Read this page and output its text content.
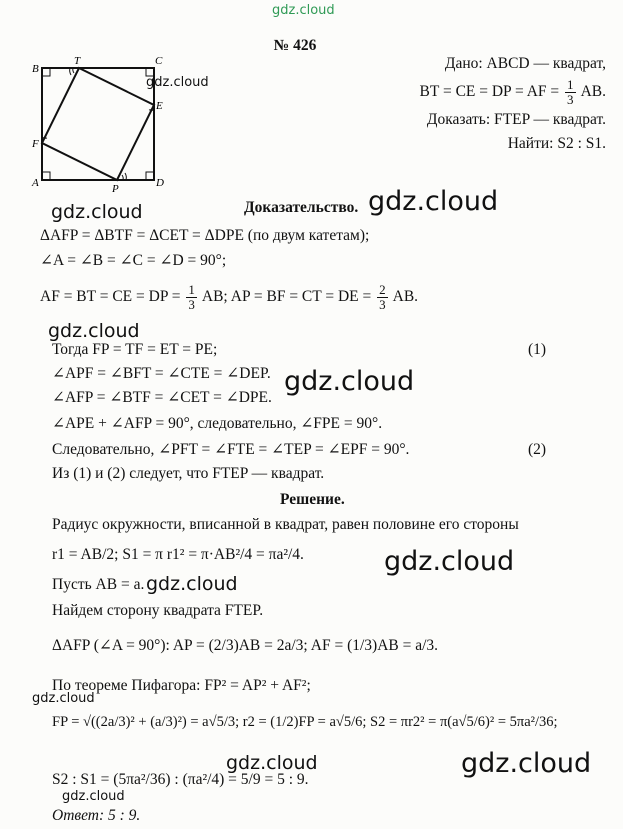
gdz.cloud
gdz.cloud
gdz.cloud	gdz.cloud
gdz.cloud
gdz.cloud
gdz.cloud
gdz.cloud
gdz.cloud
gdz.cloud	gdz.cloud
gdz.cloud
№ 426
B
T	C
E
F
A	P	D
Дано: ABCD — квадрат,
BT = CE = DP = AF = $\frac{1}{3}$ AB.
Доказать: FTEP — квадрат.
Найти: S2 : S1.
Доказательство.
ΔAFP = ΔBTF = ΔCET = ΔDPE (по двум катетам);
∠A = ∠B = ∠C = ∠D = 90°;
AF = BT = CE = DP = $\frac{1}{3}$ AB; AP = BF = CT = DE = $\frac{2}{3}$ AB.
Тогда FP = TF = ET = PE;	(1)
∠APF = ∠BFT = ∠CTE = ∠DEP.
∠AFP = ∠BTF = ∠CET = ∠DPE.
∠APE + ∠AFP = 90°, следовательно, ∠FPE = 90°.
Следовательно, ∠PFT = ∠FTE = ∠TEP = ∠EPF = 90°.	(2)
Из (1) и (2) следует, что FTEP — квадрат.
Решение.
Радиус окружности, вписанной в квадрат, равен половине его стороны
r1 = AB/2; S1 = π r1² = π·AB²/4 = πa²/4.
Пусть AB = a.
Найдем сторону квадрата FTEP.
ΔAFP (∠A = 90°): AP = (2/3)AB = 2a/3; AF = (1/3)AB = a/3.
По теореме Пифагора: FP² = AP² + AF²;
FP = √((2a/3)² + (a/3)²) = a√5/3; r2 = (1/2)FP = a√5/6; S2 = πr2² = π(a√5/6)² = 5πa²/36;
S2 : S1 = (5πa²/36) : (πa²/4) = 5/9 = 5 : 9.
Ответ: 5 : 9.
